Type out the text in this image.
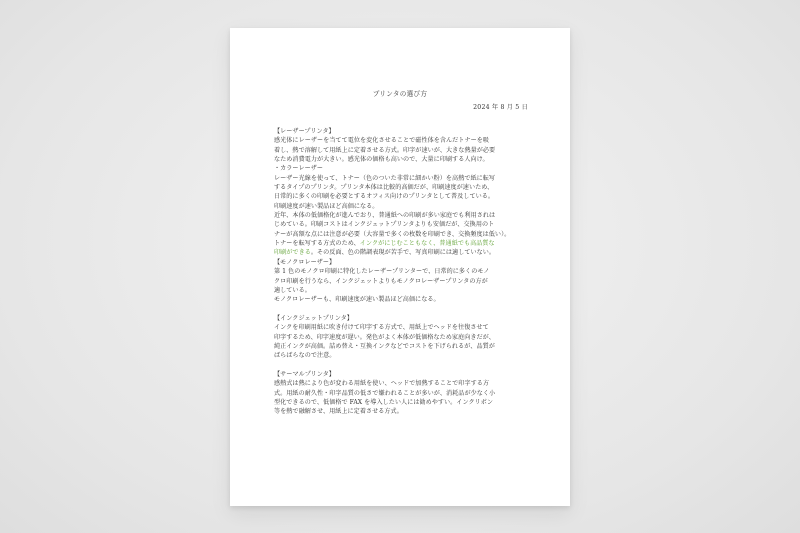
プリンタの選び方
2024 年 8 月 5 日
【レーザープリンタ】
感光体にレーザーを当てて電位を変化させることで磁性体を含んだトナーを吸
着し、熱で溶解して用紙上に定着させる方式。印字が速いが、大きな熱量が必要
なため消費電力が大きい。感光体の価格も高いので、大量に印刷する人向け。
・カラーレーザー
レーザー光線を使って、トナー（色のついた非常に細かい粉）を高熱で紙に転写
するタイプのプリンタ。プリンタ本体は比較的高価だが、印刷速度が速いため、
日常的に多くの印刷を必要とするオフィス向けのプリンタとして普及している。
印刷速度が速い製品ほど高価になる。
近年、本体の低価格化が進んでおり、普通紙への印刷が多い家庭でも利用されは
じめている。印刷コストはインクジェットプリンタよりも安価だが、交換用のト
ナーが高額な点には注意が必要（大容量で多くの枚数を印刷でき、交換頻度は低い）。
トナーを転写する方式のため、インクがにじむこともなく、普通紙でも高品質な
印刷ができる。その反面、色の階調表現が苦手で、写真印刷には適していない。
【モノクロレーザー】
第 1 色のモノクロ印刷に特化したレーザープリンターで、日常的に多くのモノ
クロ印刷を行うなら、インクジェットよりもモノクロレーザープリンタの方が
適している。
モノクロレーザーも、印刷速度が速い製品ほど高価になる。
【インクジェットプリンタ】
インクを印刷用紙に吹き付けて印字する方式で、用紙上でヘッドを往復させて
印字するため、印字速度が遅い。発色がよく本体が低価格なため家庭向きだが、
純正インクが高価。詰め替え・互換インクなどでコストを下げられるが、品質が
ばらばらなので注意。
【サーマルプリンタ】
感熱式は熱により色が変わる用紙を使い、ヘッドで加熱することで印字する方
式。用紙の耐久性・印字品質の低さで嫌われることが多いが、消耗品が少なく小
型化できるので、低価格で FAX を導入したい人には勧めやすい。インクリボン
等を熱で融解させ、用紙上に定着させる方式。
